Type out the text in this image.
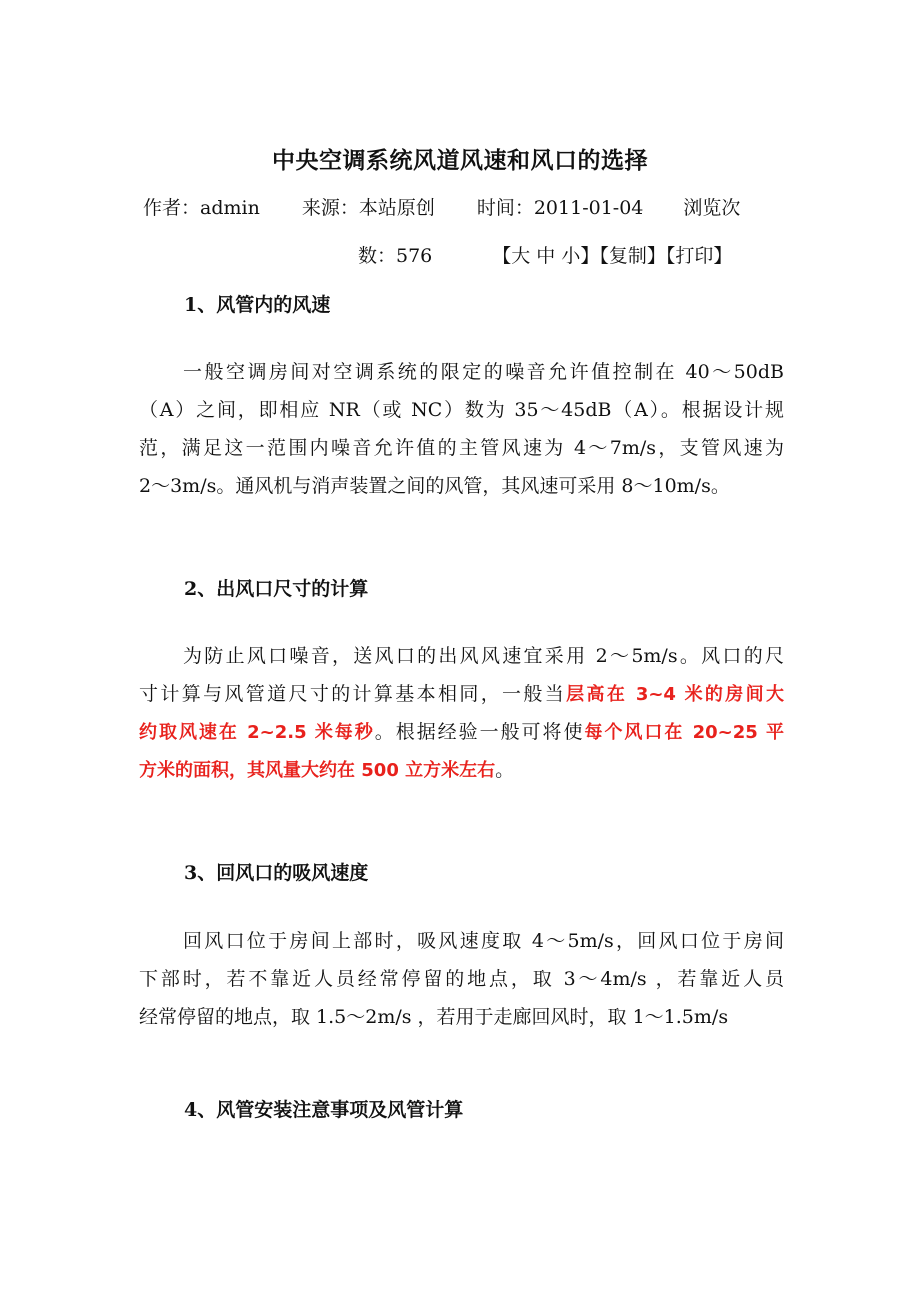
中央空调系统风道风速和风口的选择
作者：admin 来源：本站原创 时间：2011-01-04 浏览次
数：576	【大 中 小】【复制】【打印】
1、风管内的风速
一般空调房间对空调系统的限定的噪音允许值控制在 40～50dB
（A）之间，即相应 NR（或 NC）数为 35～45dB（A）。根据设计规
范，满足这一范围内噪音允许值的主管风速为 4～7m/s，支管风速为
2～3m/s。通风机与消声装置之间的风管，其风速可采用 8～10m/s。
2、出风口尺寸的计算
为防止风口噪音，送风口的出风风速宜采用 2～5m/s。风口的尺
寸计算与风管道尺寸的计算基本相同，一般当层高在 3~4 米的房间大
约取风速在 2~2.5 米每秒。根据经验一般可将使每个风口在 20~25 平
方米的面积，其风量大约在 500 立方米左右。
3、回风口的吸风速度
回风口位于房间上部时，吸风速度取 4～5m/s，回风口位于房间
下部时，若不靠近人员经常停留的地点，取 3～4m/s ，若靠近人员
经常停留的地点，取 1.5～2m/s ，若用于走廊回风时，取 1～1.5m/s
4、风管安装注意事项及风管计算
